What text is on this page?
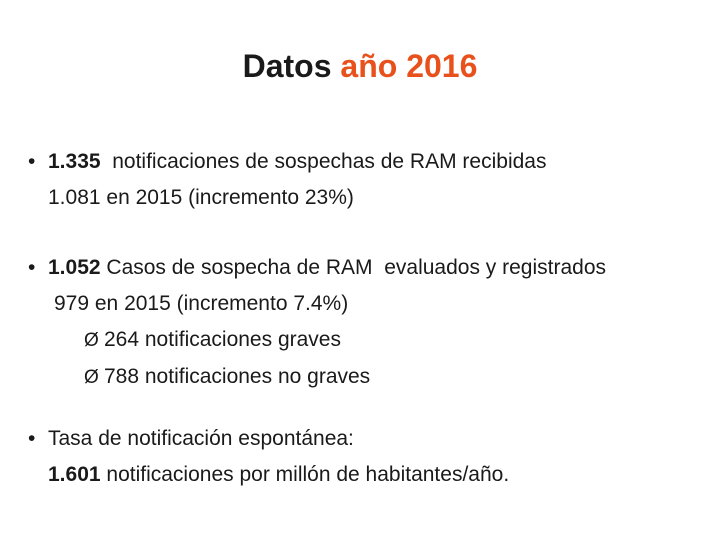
Datos año 2016
• 1.335  notificaciones de sospechas de RAM recibidas
1.081 en 2015 (incremento 23%)
• 1.052 Casos de sospecha de RAM  evaluados y registrados
979 en 2015 (incremento 7.4%)
Ø 264 notificaciones graves
Ø 788 notificaciones no graves
• Tasa de notificación espontánea:
1.601 notificaciones por millón de habitantes/año.
